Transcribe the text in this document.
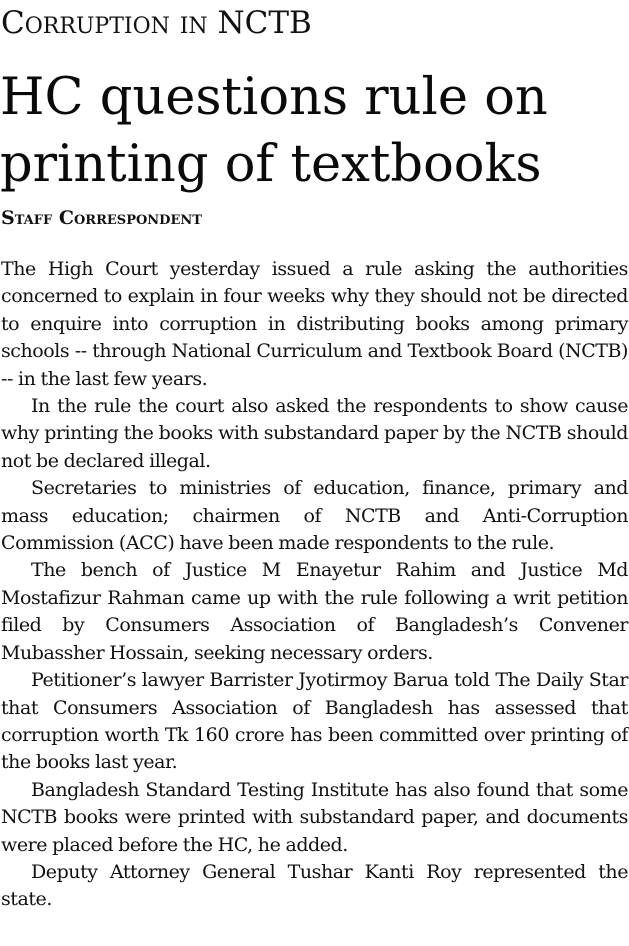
Corruption in NCTB
HC questions rule on printing of textbooks
Staff Correspondent

The High Court yesterday issued a rule asking the authorities concerned to explain in four weeks why they should not be directed to enquire into corruption in distributing books among primary schools -- through National Curriculum and Textbook Board (NCTB) -- in the last few years.

In the rule the court also asked the respondents to show cause why printing the books with substandard paper by the NCTB should not be declared illegal.

Secretaries to ministries of education, finance, primary and mass education; chairmen of NCTB and Anti-Corruption Commission (ACC) have been made respondents to the rule.

The bench of Justice M Enayetur Rahim and Justice Md Mostafizur Rahman came up with the rule following a writ petition filed by Consumers Association of Bangladesh’s Convener Mubassher Hossain, seeking necessary orders.

Petitioner’s lawyer Barrister Jyotirmoy Barua told The Daily Star that Consumers Association of Bangladesh has assessed that corruption worth Tk 160 crore has been committed over printing of the books last year.

Bangladesh Standard Testing Institute has also found that some NCTB books were printed with substandard paper, and documents were placed before the HC, he added.

Deputy Attorney General Tushar Kanti Roy represented the state.
